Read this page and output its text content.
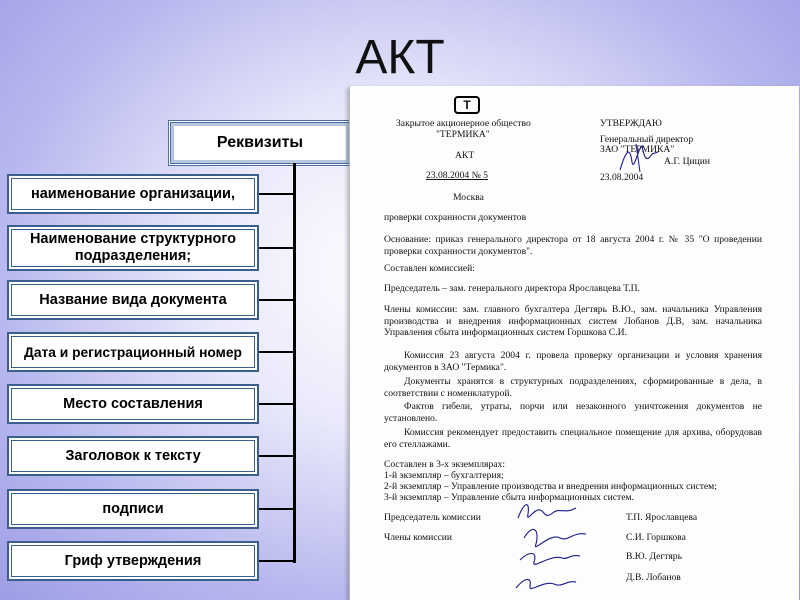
АКТ
Реквизиты
наименование организации,
Наименование структурного подразделения;
Название вида документа
Дата и регистрационный номер
Место составления
Заголовок к тексту
подписи
Гриф утверждения
Т
Закрытое акционерное общество
"ТЕРМИКА"
АКТ
23.08.2004 № 5
Москва
УТВЕРЖДАЮ
Генеральный директор
ЗАО "ТЕРМИКА"
А.Г. Цицин
23.08.2004
проверки сохранности документов
Основание: приказ генерального директора от 18 августа 2004 г. № 35 "О проведении проверки сохранности документов".
Составлен комиссией:
Председатель – зам. генерального директора Ярославцева Т.П.
Члены комиссии: зам. главного бухгалтера Дегтярь В.Ю., зам. начальника Управления производства и внедрения информационных систем Лобанов Д.В, зам. начальника Управления сбыта информационных систем Горшкова С.И.
Комиссия 23 августа 2004 г. провела проверку организации и условия хранения документов в ЗАО "Термика".
Документы хранятся в структурных подразделениях, сформированные в дела, в соответствии с номенклатурой.
Фактов гибели, утраты, порчи или незаконного уничтожения документов не установлено.
Комиссия рекомендует предоставить специальное помещение для архива, оборудовав его стеллажами.
Составлен в 3-х экземплярах:
1-й экземпляр – бухгалтерия;
2-й экземпляр – Управление производства и внедрения информационных систем;
3-й экземпляр – Управление сбыта информационных систем.
Председатель комиссии
Члены комиссии
Т.П. Ярославцева
С.И. Горшкова
В.Ю. Дегтярь
Д.В. Лобанов
